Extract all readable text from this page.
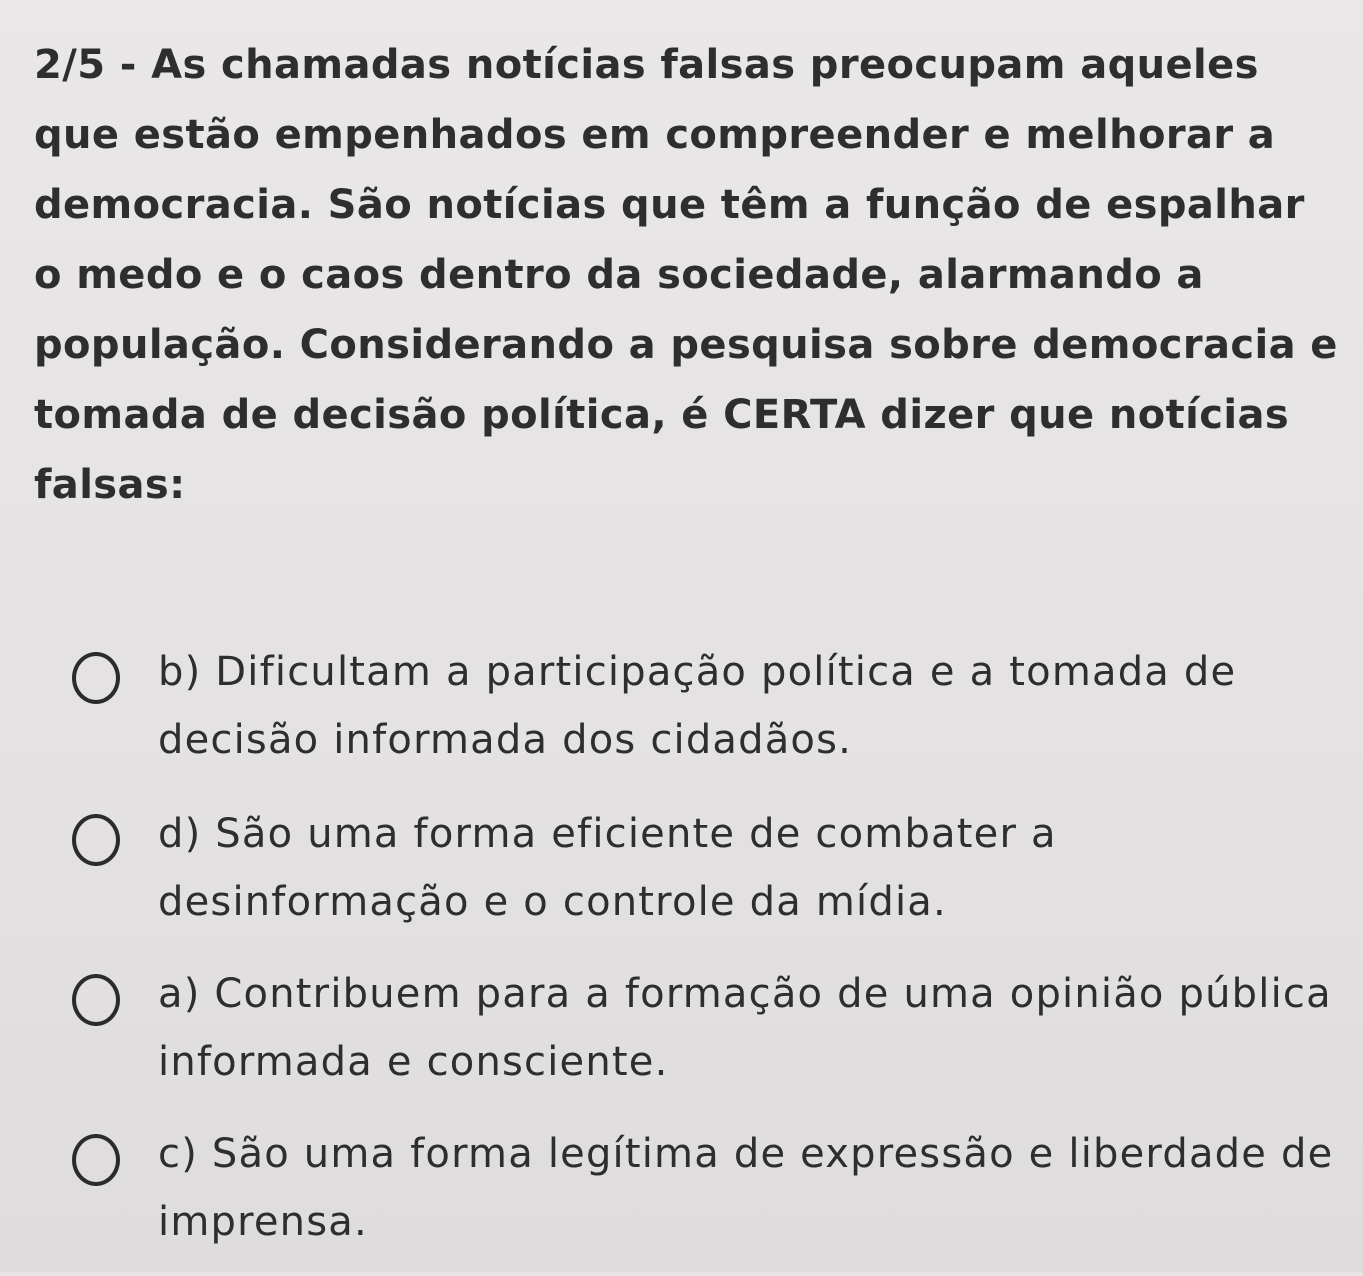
2/5 - As chamadas notícias falsas preocupam aqueles que estão empenhados em compreender e melhorar a democracia. São notícias que têm a função de espalhar o medo e o caos dentro da sociedade, alarmando a população. Considerando a pesquisa sobre democracia e tomada de decisão política, é CERTA dizer que notícias falsas:

b) Dificultam a participação política e a tomada de decisão informada dos cidadãos.
d) São uma forma eficiente de combater a desinformação e o controle da mídia.
a) Contribuem para a formação de uma opinião pública informada e consciente.
c) São uma forma legítima de expressão e liberdade de imprensa.
